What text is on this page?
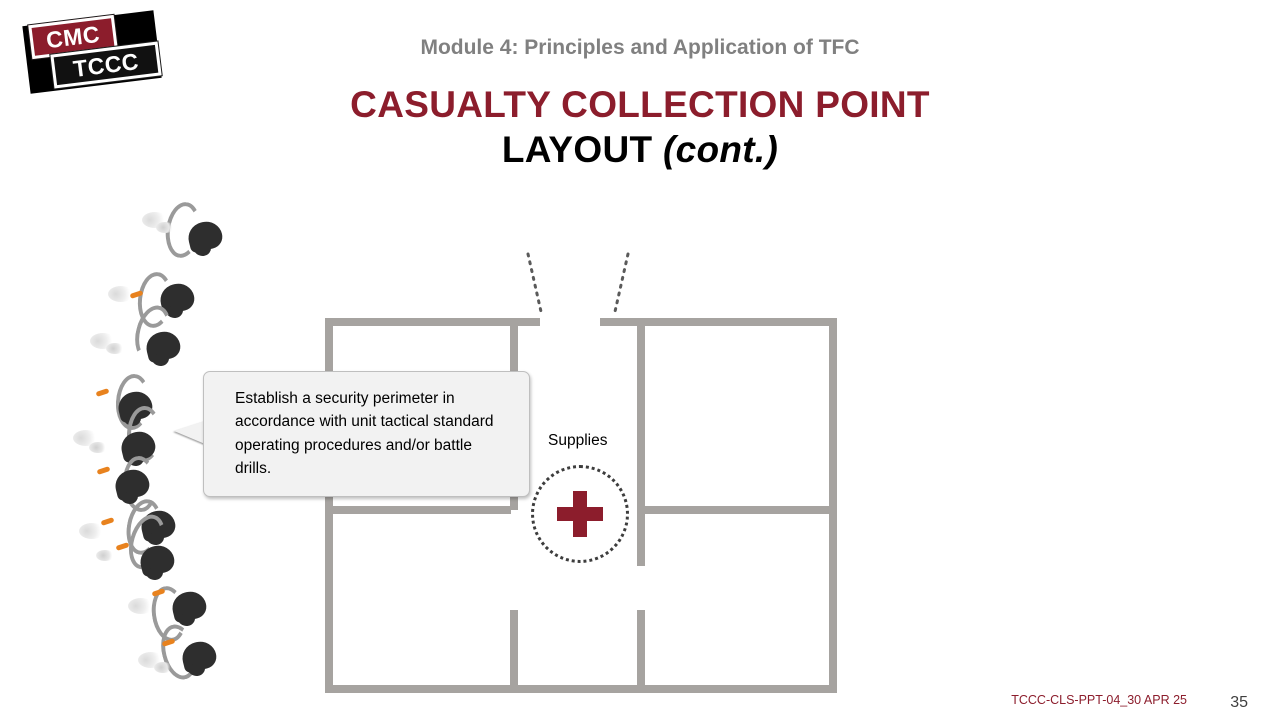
CMC
TCCC
Module 4: Principles and Application of TFC
CASUALTY COLLECTION POINT
LAYOUT (cont.)
Supplies
Establish a security perimeter in accordance with unit tactical standard operating procedures and/or battle drills.
TCCC-CLS-PPT-04_30 APR 25	35
